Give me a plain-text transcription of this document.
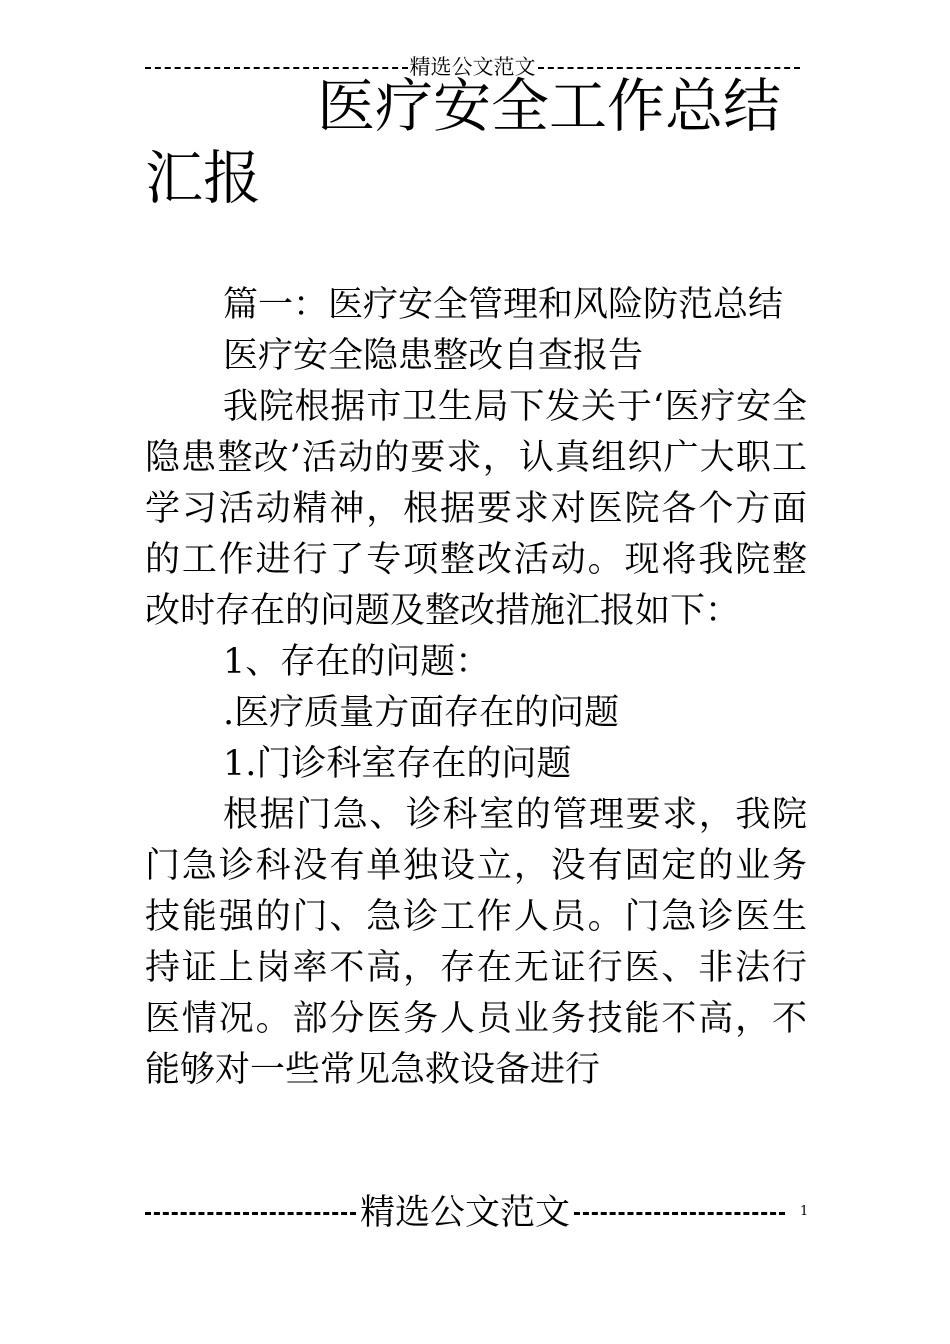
精选公文范文
医疗安全工作总结
汇报

篇一：医疗安全管理和风险防范总结

医疗安全隐患整改自查报告

我院根据市卫生局下发关于‘医疗安全隐患整改’活动的要求，认真组织广大职工学习活动精神，根据要求对医院各个方面的工作进行了专项整改活动。现将我院整改时存在的问题及整改措施汇报如下：

1、存在的问题：

.医疗质量方面存在的问题

1.门诊科室存在的问题

根据门急、诊科室的管理要求，我院门急诊科没有单独设立，没有固定的业务技能强的门、急诊工作人员。门急诊医生持证上岗率不高，存在无证行医、非法行医情况。部分医务人员业务技能不高，不能够对一些常见急救设备进行

精选公文范文	1
